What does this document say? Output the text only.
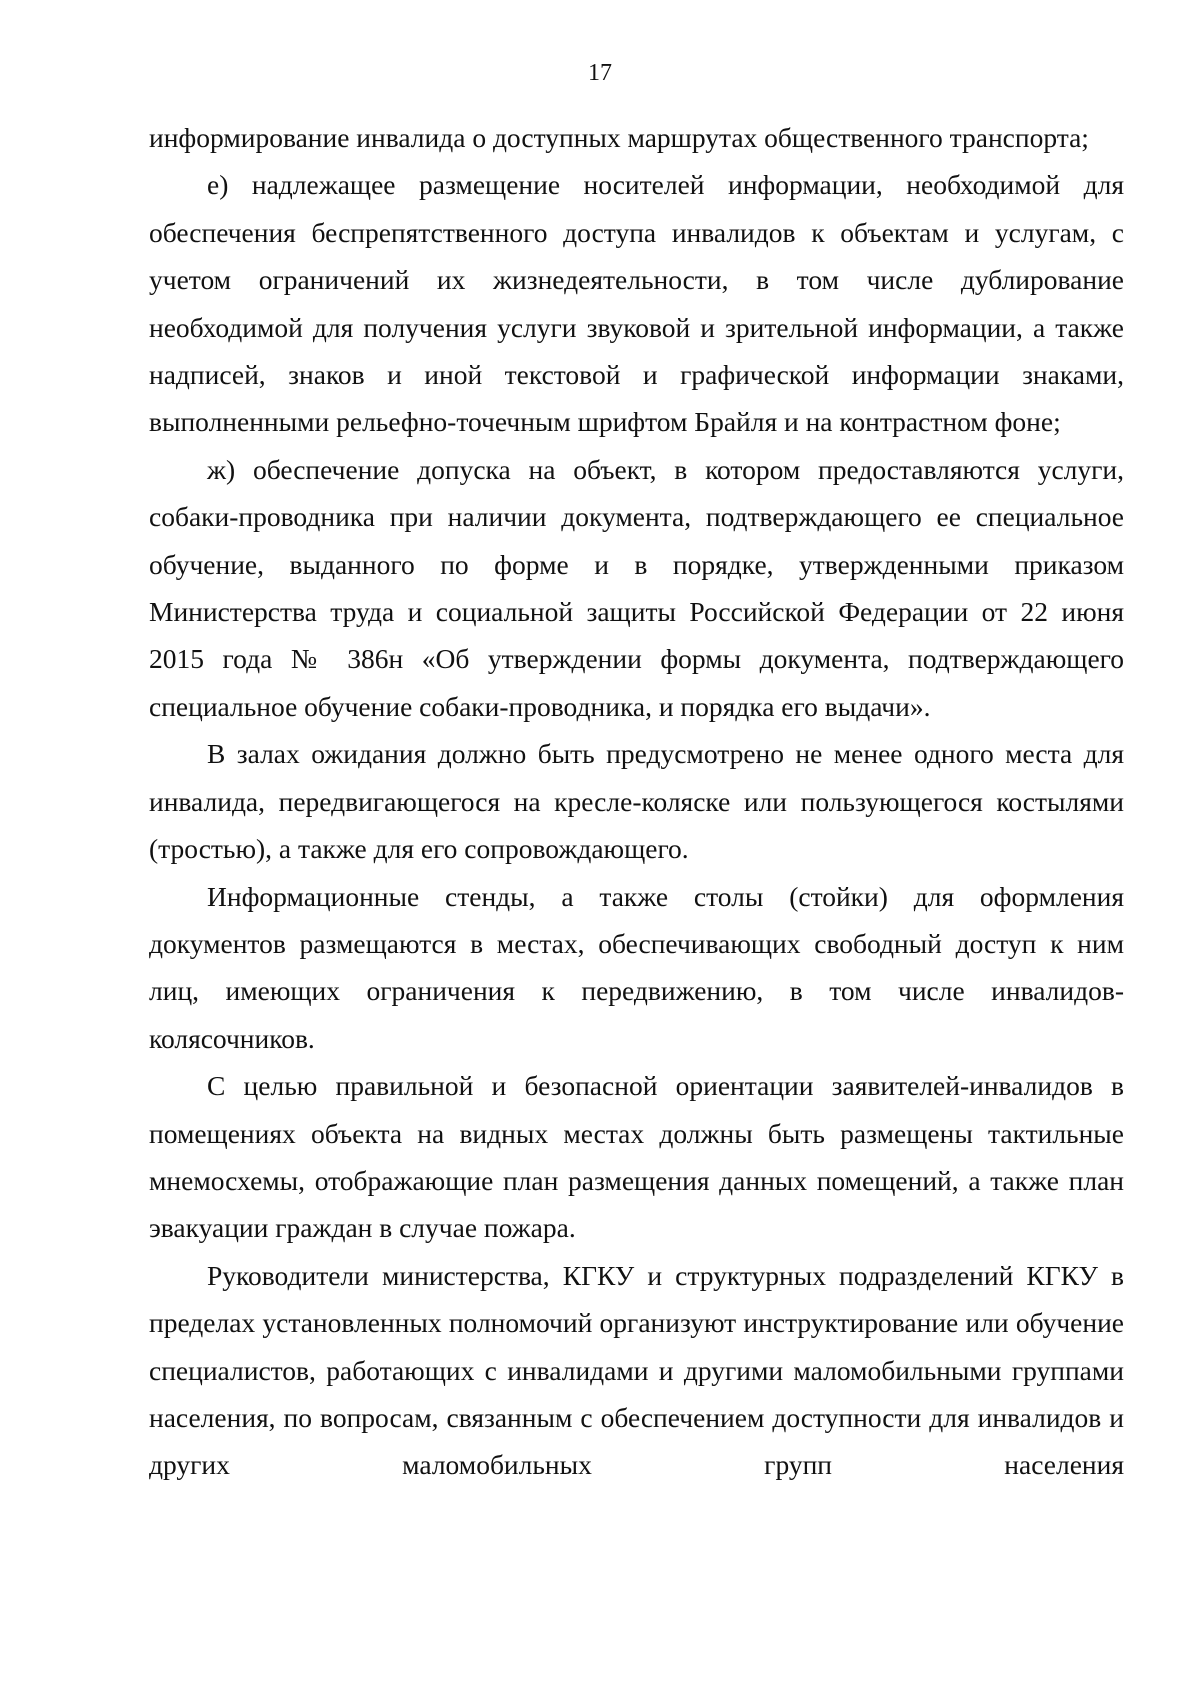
17

информирование инвалида о доступных маршрутах общественного транспорта;

е) надлежащее размещение носителей информации, необходимой для обеспечения беспрепятственного доступа инвалидов к объектам и услугам, с учетом ограничений их жизнедеятельности, в том числе дублирование необходимой для получения услуги звуковой и зрительной информации, а также надписей, знаков и иной текстовой и графической информации знаками, выполненными рельефно-точечным шрифтом Брайля и на контрастном фоне;

ж) обеспечение допуска на объект, в котором предоставляются услуги, собаки-проводника при наличии документа, подтверждающего ее специальное обучение, выданного по форме и в порядке, утвержденными приказом Министерства труда и социальной защиты Российской Федерации от 22 июня 2015 года № 386н «Об утверждении формы документа, подтверждающего специальное обучение собаки-проводника, и порядка его выдачи».

В залах ожидания должно быть предусмотрено не менее одного места для инвалида, передвигающегося на кресле-коляске или пользующегося костылями (тростью), а также для его сопровождающего.

Информационные стенды, а также столы (стойки) для оформления документов размещаются в местах, обеспечивающих свободный доступ к ним лиц, имеющих ограничения к передвижению, в том числе инвалидов-колясочников.

С целью правильной и безопасной ориентации заявителей-инвалидов в помещениях объекта на видных местах должны быть размещены тактильные мнемосхемы, отображающие план размещения данных помещений, а также план эвакуации граждан в случае пожара.

Руководители министерства, КГКУ и структурных подразделений КГКУ в пределах установленных полномочий организуют инструктирование или обучение специалистов, работающих с инвалидами и другими маломобильными группами населения, по вопросам, связанным с обеспечением доступности для инвалидов и других маломобильных групп населения
